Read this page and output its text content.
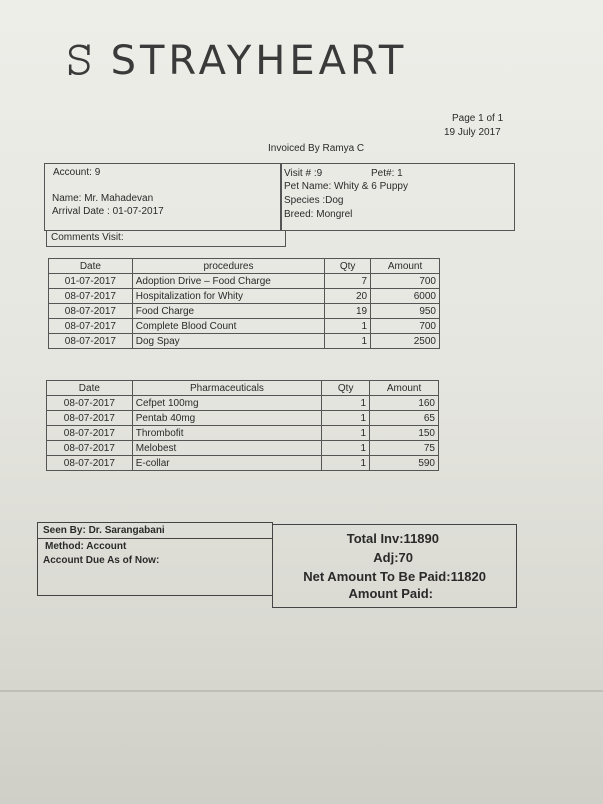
ꕶ STRAYHEART
Page 1 of 1
19 July 2017
Invoiced By Ramya C
Account: 9
Name: Mr. Mahadevan
Arrival Date : 01-07-2017
Visit # :9	Pet#: 1
Pet Name: Whity & 6 Puppy
Species :Dog
Breed: Mongrel
Comments Visit:
Date	procedures	Qty	Amount
01-07-2017	Adoption Drive – Food Charge	7	700
08-07-2017	Hospitalization for Whity	20	6000
08-07-2017	Food Charge	19	950
08-07-2017	Complete Blood Count	1	700
08-07-2017	Dog Spay	1	2500
Date	Pharmaceuticals	Qty	Amount
08-07-2017	Cefpet 100mg	1	160
08-07-2017	Pentab 40mg	1	65
08-07-2017	Thrombofit	1	150
08-07-2017	Melobest	1	75
08-07-2017	E-collar	1	590
Seen By: Dr. Sarangabani
Method: Account
Account Due As of Now:
Total Inv:11890
Adj:70
Net Amount To Be Paid:11820
Amount Paid:
